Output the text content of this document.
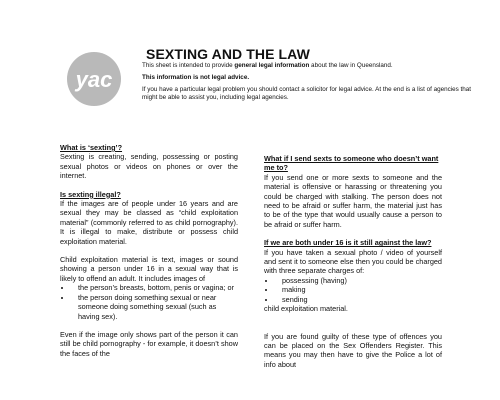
yac
SEXTING AND THE LAW

This sheet is intended to provide general legal information about the law in Queensland.

This information is not legal advice.

If you have a particular legal problem you should contact a solicitor for legal advice. At the end is a list of agencies that might be able to assist you, including legal agencies.

What is ‘sexting’?

Sexting is creating, sending, possessing or posting sexual photos or videos on phones or over the internet.

Is sexting illegal?

If the images are of people under 16 years and are sexual they may be classed as “child exploitation material” (commonly referred to as child pornography). It is illegal to make, distribute or possess child exploitation material.

Child exploitation material is text, images or sound showing a person under 16 in a sexual way that is likely to offend an adult. It includes images of

• the person’s breasts, bottom, penis or vagina; or
• the person doing something sexual or near someone doing something sexual (such as having sex).

Even if the image only shows part of the person it can still be child pornography - for example, it doesn’t show the faces of the

What if I send sexts to someone who doesn’t want me to?

If you send one or more sexts to someone and the material is offensive or harassing or threatening you could be charged with stalking. The person does not need to be afraid or suffer harm, the material just has to be of the type that would usually cause a person to be afraid or suffer harm.

If we are both under 16 is it still against the law?

If you have taken a sexual photo / video of yourself and sent it to someone else then you could be charged with three separate charges of:

• possessing (having)
• making
• sending

child exploitation material.

If you are found guilty of these type of offences you can be placed on the Sex Offenders Register. This means you may then have to give the Police a lot of info about
